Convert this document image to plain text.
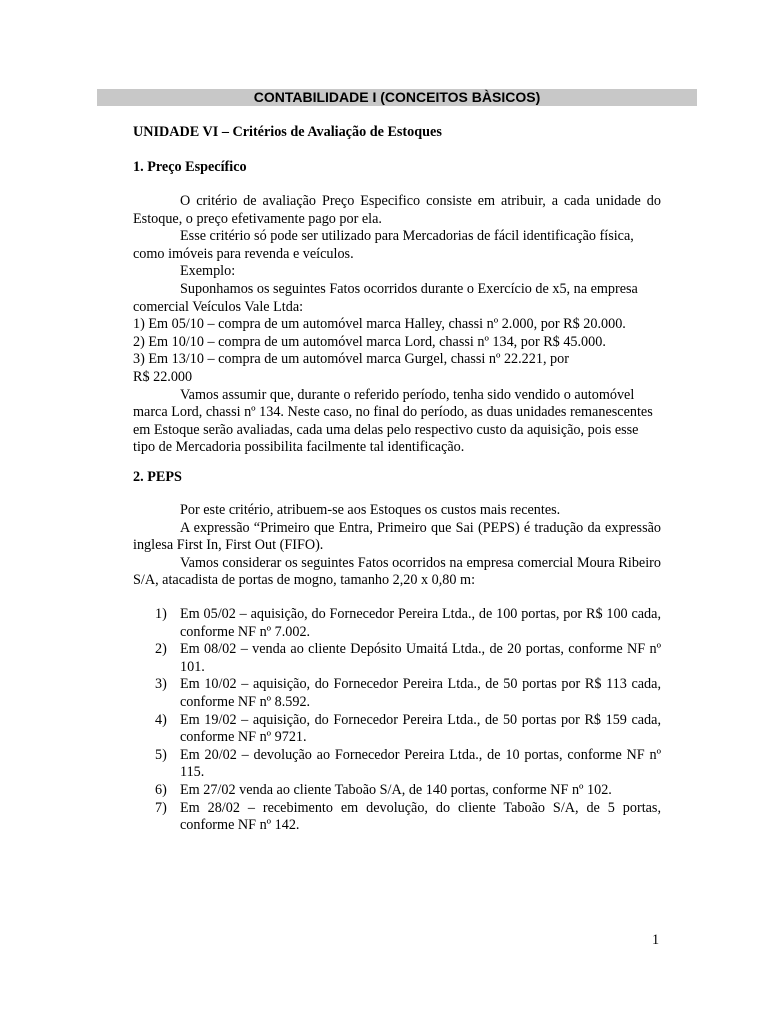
CONTABILIDADE I (CONCEITOS BÀSICOS)
UNIDADE VI – Critérios de Avaliação de Estoques
1. Preço Específico

O critério de avaliação Preço Especifico consiste em atribuir, a cada unidade do Estoque, o preço efetivamente pago por ela.

Esse critério só pode ser utilizado para Mercadorias de fácil identificação física, como imóveis para revenda e veículos.

Exemplo:

Suponhamos os seguintes Fatos ocorridos durante o Exercício de x5, na empresa comercial Veículos Vale Ltda:

1) Em 05/10 – compra de um automóvel marca Halley, chassi nº 2.000, por R$ 20.000.

2) Em 10/10 – compra de um automóvel marca Lord, chassi nº 134, por R$ 45.000.

3) Em 13/10 – compra de um automóvel marca Gurgel, chassi nº 22.221, por R$ 22.000

Vamos assumir que, durante o referido período, tenha sido vendido o automóvel marca Lord, chassi nº 134. Neste caso, no final do período, as duas unidades remanescentes em Estoque serão avaliadas, cada uma delas pelo respectivo custo da aquisição, pois esse tipo de Mercadoria possibilita facilmente tal identificação.

2. PEPS

Por este critério, atribuem-se aos Estoques os custos mais recentes.

A expressão “Primeiro que Entra, Primeiro que Sai (PEPS) é tradução da expressão inglesa First In, First Out (FIFO).

Vamos considerar os seguintes Fatos ocorridos na empresa comercial Moura Ribeiro S/A, atacadista de portas de mogno, tamanho 2,20 x 0,80 m:

1) Em 05/02 – aquisição, do Fornecedor Pereira Ltda., de 100 portas, por R$ 100 cada, conforme NF nº 7.002.
2) Em 08/02 – venda ao cliente Depósito Umaitá Ltda., de 20 portas, conforme NF nº 101.
3) Em 10/02 – aquisição, do Fornecedor Pereira Ltda., de 50 portas por R$ 113 cada, conforme NF nº 8.592.
4) Em 19/02 – aquisição, do Fornecedor Pereira Ltda., de 50 portas por R$ 159 cada, conforme NF nº 9721.
5) Em 20/02 – devolução ao Fornecedor Pereira Ltda., de 10 portas, conforme NF nº 115.
6) Em 27/02 venda ao cliente Taboão S/A, de 140 portas, conforme NF nº 102.
7) Em 28/02 – recebimento em devolução, do cliente Taboão S/A, de 5 portas, conforme NF nº 142.
1
